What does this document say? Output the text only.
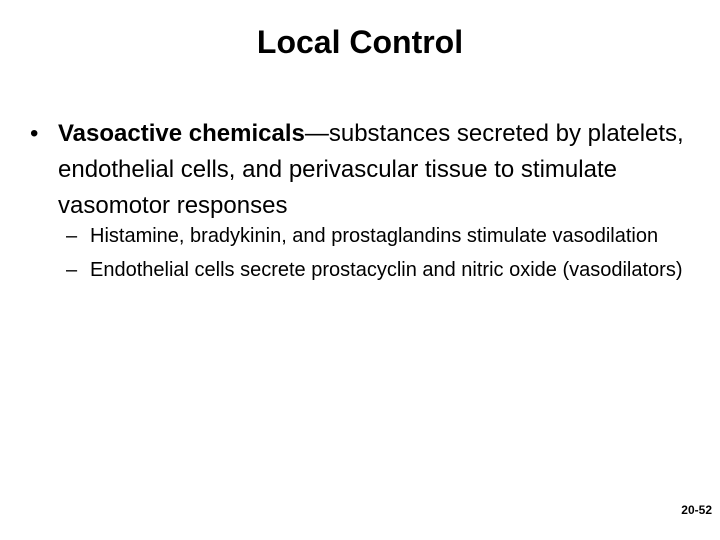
Local Control
• Vasoactive chemicals—substances secreted by platelets, endothelial cells, and perivascular tissue to stimulate vasomotor responses
– Histamine, bradykinin, and prostaglandins stimulate vasodilation
– Endothelial cells secrete prostacyclin and nitric oxide (vasodilators)
20-52
